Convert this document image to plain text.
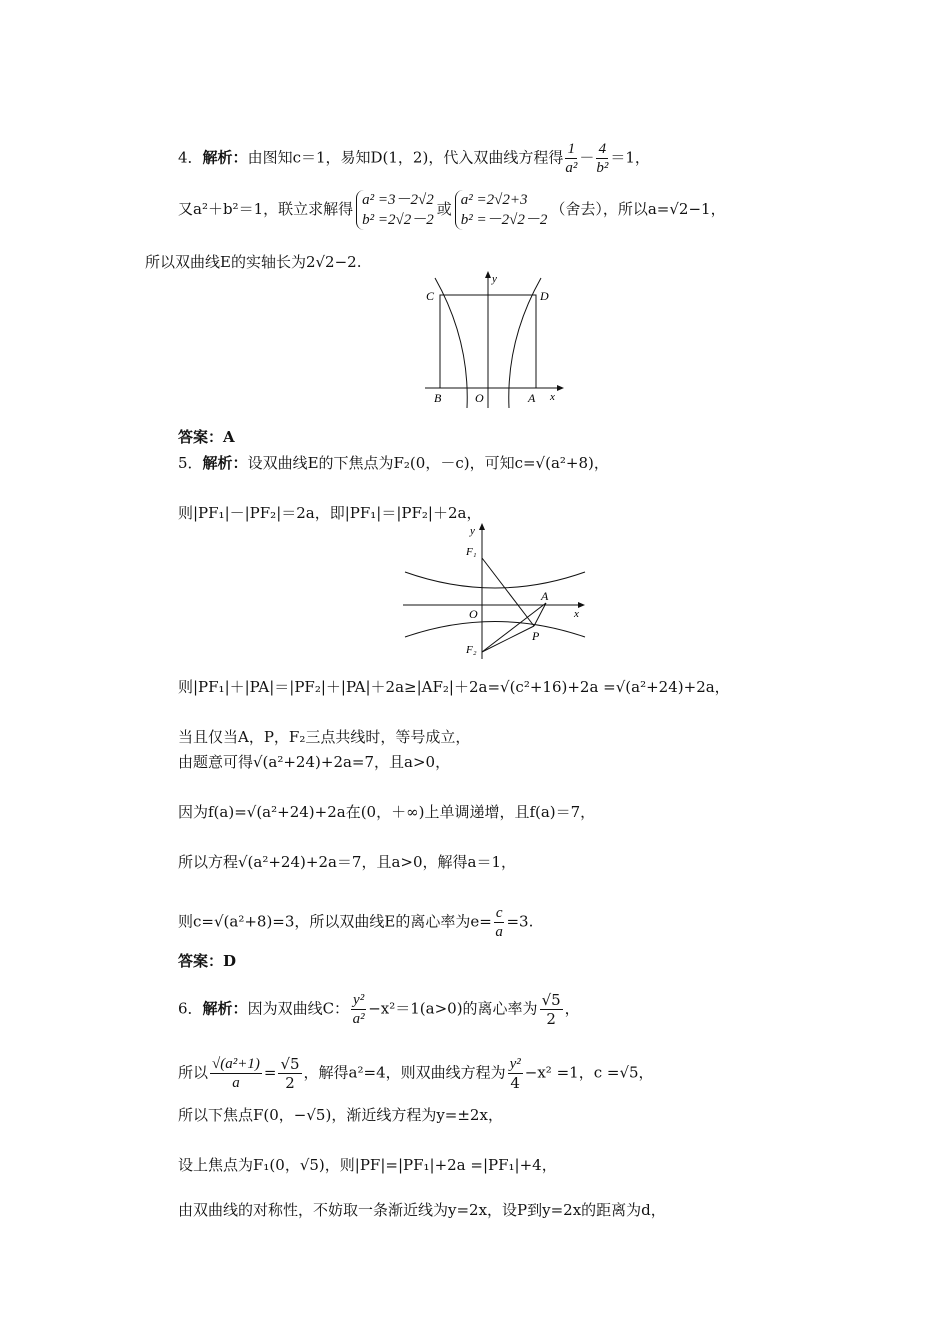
4．解析：由图知c＝1，易知D(1，2)，代入双曲线方程得 $\frac{1}{\text{a²}} - \frac{4}{\text{b²}} =1$，
又a²＋b²＝1，联立求解得 a² =3－2√2
b² =2√2－2
或 a² =2√2+3
b² =－2√2－2
（舍去），所以a=√2−1，
所以双曲线E的实轴长为2√2−2.
C	D
B	O	A x
y
答案：A
5．解析：设双曲线E的下焦点为F₂(0，－c)，可知c=√(a²+8)，
则|PF₁|－|PF₂|＝2a，即|PF₁|＝|PF₂|＋2a，
F₁
F₂
O
A
P
x
y
则|PF₁|＋|PA|＝|PF₂|＋|PA|＋2a≥|AF₂|＋2a=√(c²+16)+2a =√(a²+24)+2a，
当且仅当A，P，F₂三点共线时，等号成立，
由题意可得√(a²+24)+2a=7，且a>0，
因为f(a)=√(a²+24)+2a在(0，＋∞)上单调递增，且f(a)＝7，
所以方程√(a²+24)+2a＝7，且a>0，解得a＝1，
则c=√(a²+8)=3，所以双曲线E的离心率为$e= \frac{c}{a} =3$.
答案：D
6．解析：因为双曲线C： $\frac{\text{y²}}{\text{a²}} -x^2=1(a>0)$的离心率为 $\frac{√5}{2}$ ，
所以 $\frac{\text{√(a²+1)}}{a} = \frac{√5}{2}$ ，解得a²=4，则双曲线方程为 $\frac{\text{y²}}{4} -x^2 =1$，c =√5，
所以下焦点F(0，−√5)，渐近线方程为y=±2x，
设上焦点为F₁(0，√5)，则|PF|=|PF₁|+2a =|PF₁|+4，
由双曲线的对称性，不妨取一条渐近线为y=2x，设P到y=2x的距离为d，
